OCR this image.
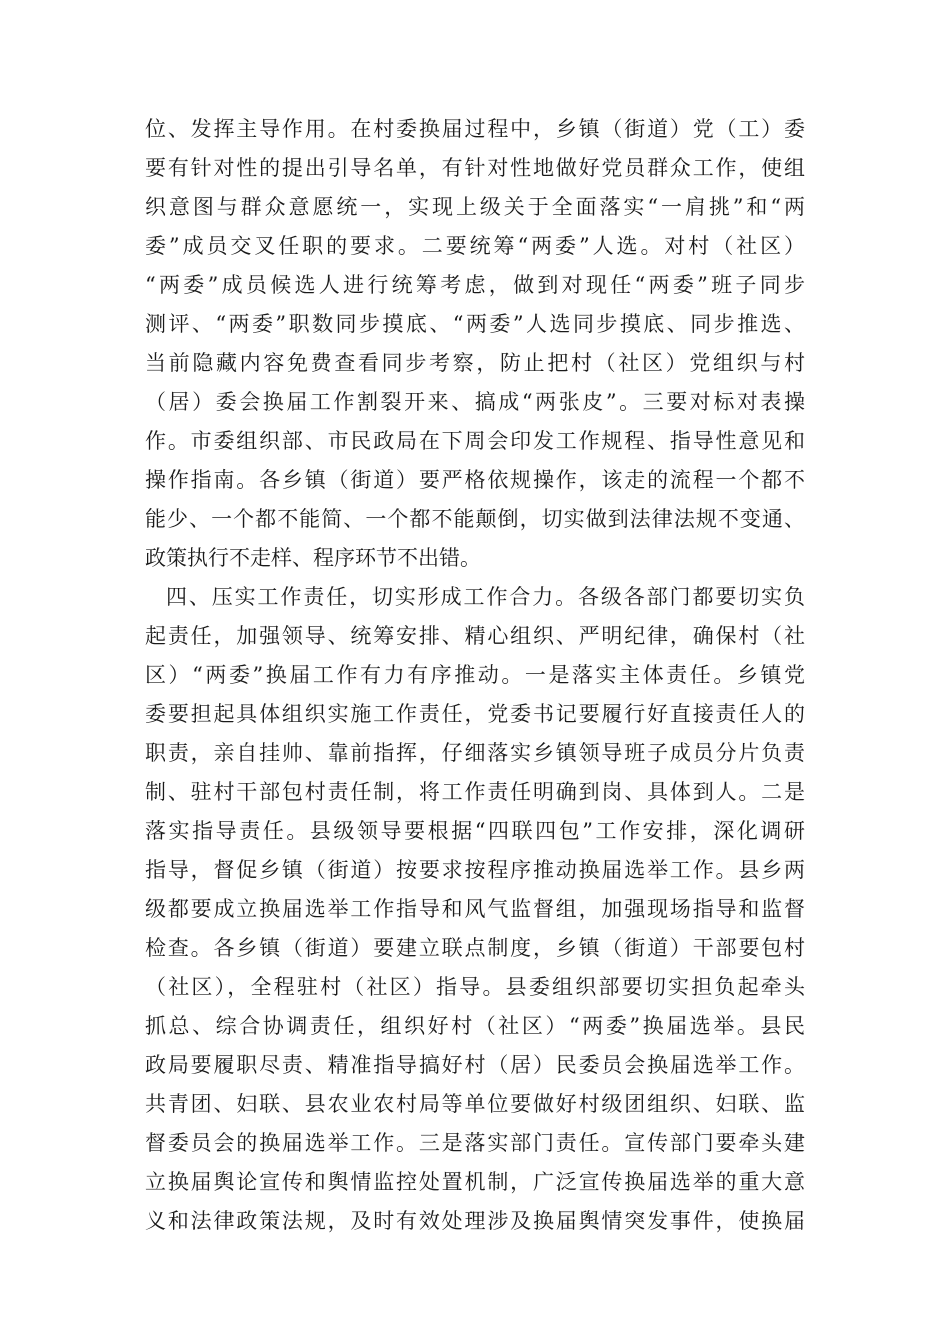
位、发挥主导作用。在村委换届过程中，乡镇（街道）党（工）委
要有针对性的提出引导名单，有针对性地做好党员群众工作，使组
织意图与群众意愿统一，实现上级关于全面落实“一肩挑”和“两
委”成员交叉任职的要求。二要统筹“两委”人选。对村（社区）
“两委”成员候选人进行统筹考虑，做到对现任“两委”班子同步
测评、“两委”职数同步摸底、“两委”人选同步摸底、同步推选、
当前隐藏内容免费查看同步考察，防止把村（社区）党组织与村
（居）委会换届工作割裂开来、搞成“两张皮”。三要对标对表操
作。市委组织部、市民政局在下周会印发工作规程、指导性意见和
操作指南。各乡镇（街道）要严格依规操作，该走的流程一个都不
能少、一个都不能简、一个都不能颠倒，切实做到法律法规不变通、
政策执行不走样、程序环节不出错。
四、压实工作责任，切实形成工作合力。各级各部门都要切实负
起责任，加强领导、统筹安排、精心组织、严明纪律，确保村（社
区）“两委”换届工作有力有序推动。一是落实主体责任。乡镇党
委要担起具体组织实施工作责任，党委书记要履行好直接责任人的
职责，亲自挂帅、靠前指挥，仔细落实乡镇领导班子成员分片负责
制、驻村干部包村责任制，将工作责任明确到岗、具体到人。二是
落实指导责任。县级领导要根据“四联四包”工作安排，深化调研
指导，督促乡镇（街道）按要求按程序推动换届选举工作。县乡两
级都要成立换届选举工作指导和风气监督组，加强现场指导和监督
检查。各乡镇（街道）要建立联点制度，乡镇（街道）干部要包村
（社区），全程驻村（社区）指导。县委组织部要切实担负起牵头
抓总、综合协调责任，组织好村（社区）“两委”换届选举。县民
政局要履职尽责、精准指导搞好村（居）民委员会换届选举工作。
共青团、妇联、县农业农村局等单位要做好村级团组织、妇联、监
督委员会的换届选举工作。三是落实部门责任。宣传部门要牵头建
立换届舆论宣传和舆情监控处置机制，广泛宣传换届选举的重大意
义和法律政策法规，及时有效处理涉及换届舆情突发事件，使换届
